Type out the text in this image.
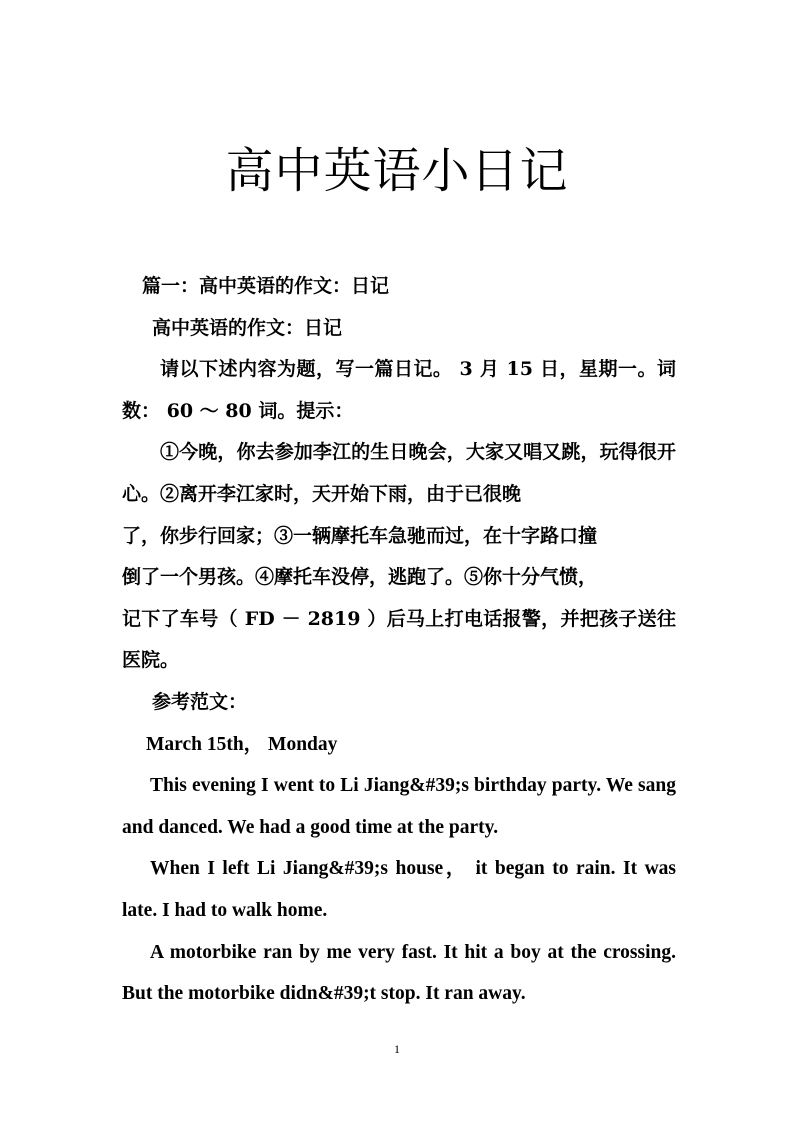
高中英语小日记

篇一：高中英语的作文：日记

高中英语的作文：日记

请以下述内容为题，写一篇日记。 3 月 15 日，星期一。词数： 60 ～ 80 词。提示：

①今晚，你去参加李江的生日晚会，大家又唱又跳，玩得很开心。②离开李江家时，天开始下雨，由于已很晚

了，你步行回家；③一辆摩托车急驰而过，在十字路口撞

倒了一个男孩。④摩托车没停，逃跑了。⑤你十分气愤，

记下了车号（ FD － 2819 ）后马上打电话报警，并把孩子送往医院。

参考范文：

March 15th， Monday

This evening I went to Li Jiang&#39;s birthday party. We sang and danced. We had a good time at the party.

When I left Li Jiang&#39;s house， it began to rain. It was late. I had to walk home.

A motorbike ran by me very fast. It hit a boy at the crossing. But the motorbike didn&#39;t stop. It ran away.

1
